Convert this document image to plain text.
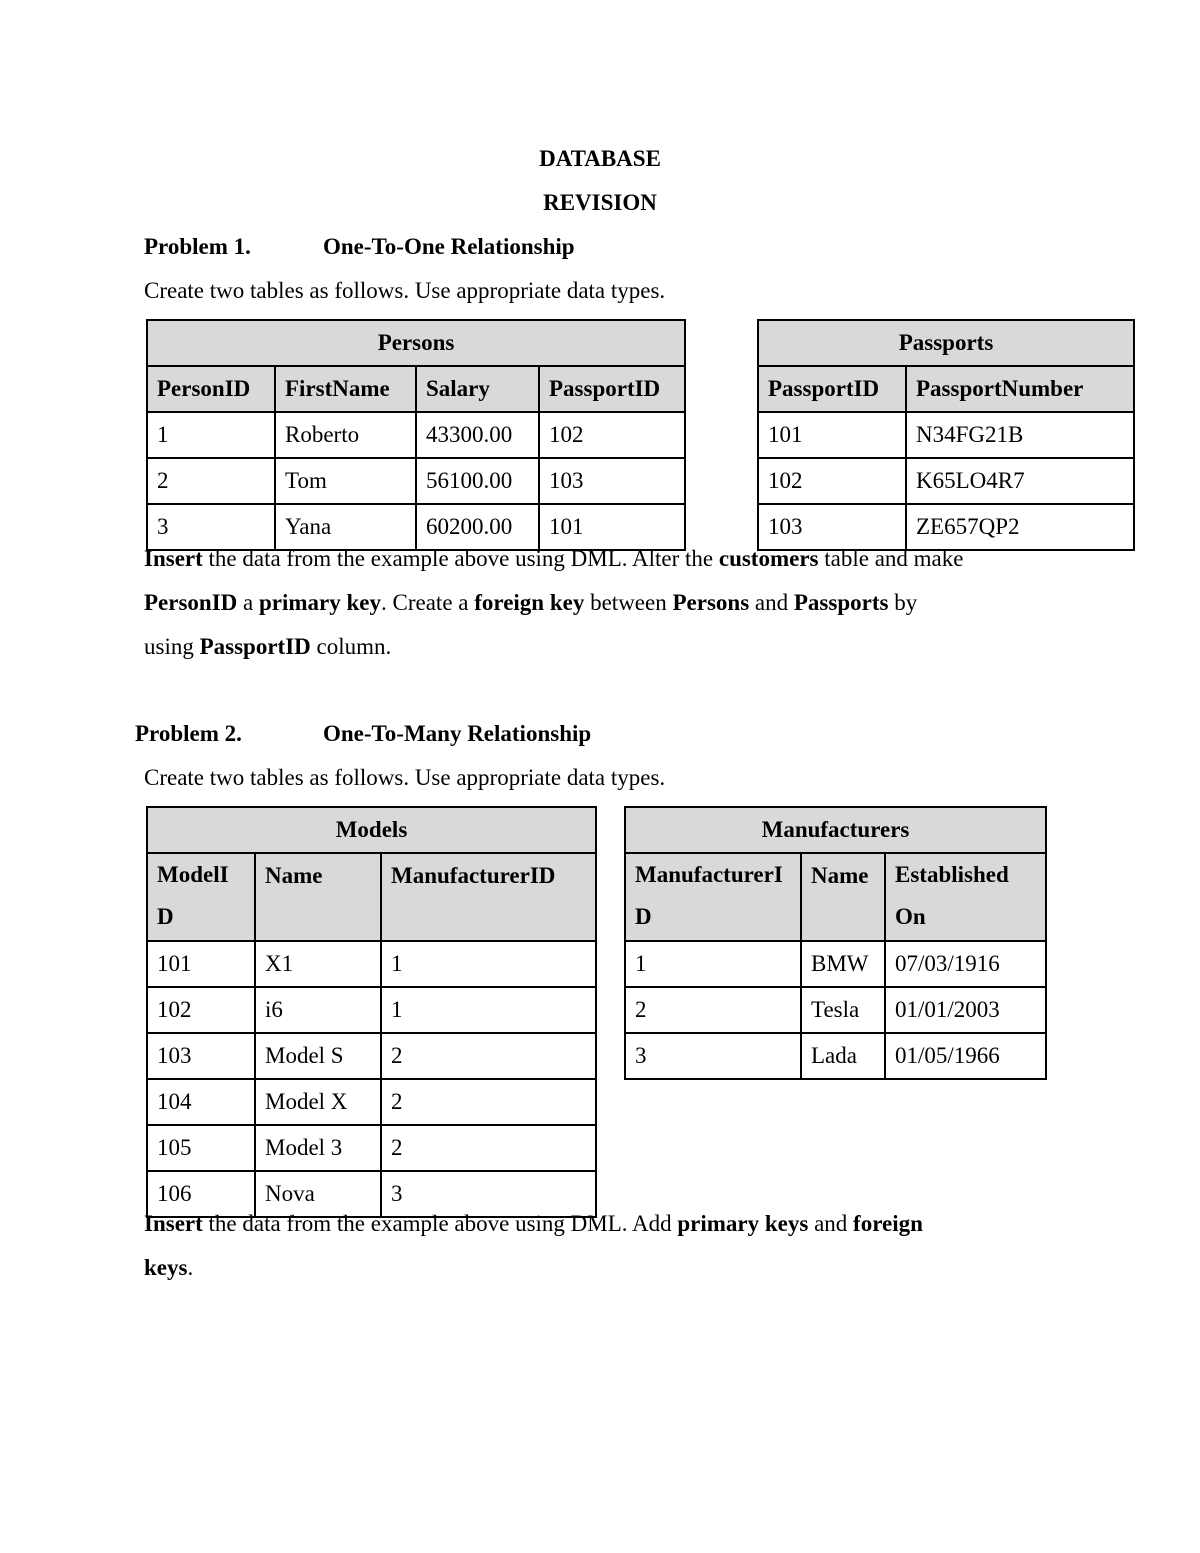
DATABASE
REVISION
Problem 1.	One-To-One Relationship
Create two tables as follows. Use appropriate data types.
Persons			
PersonID	FirstName	Salary	PassportID
1	Roberto	43300.00	102
2	Tom	56100.00	103
3	Yana	60200.00	101
Passports	
PassportID	PassportNumber
101	N34FG21B
102	K65LO4R7
103	ZE657QP2
Insert the data from the example above using DML. Alter the customers table and make
PersonID a primary key. Create a foreign key between Persons and Passports by
using PassportID column.
Problem 2.	One-To-Many Relationship
Create two tables as follows. Use appropriate data types.
Models		
ModelID	Name	ManufacturerID
101	X1	1
102	i6	1
103	Model S	2
104	Model X	2
105	Model 3	2
106	Nova	3
Manufacturers		
ManufacturerID	Name	Established On
1	BMW	07/03/1916
2	Tesla	01/01/2003
3	Lada	01/05/1966
Insert the data from the example above using DML. Add primary keys and foreign
keys.
